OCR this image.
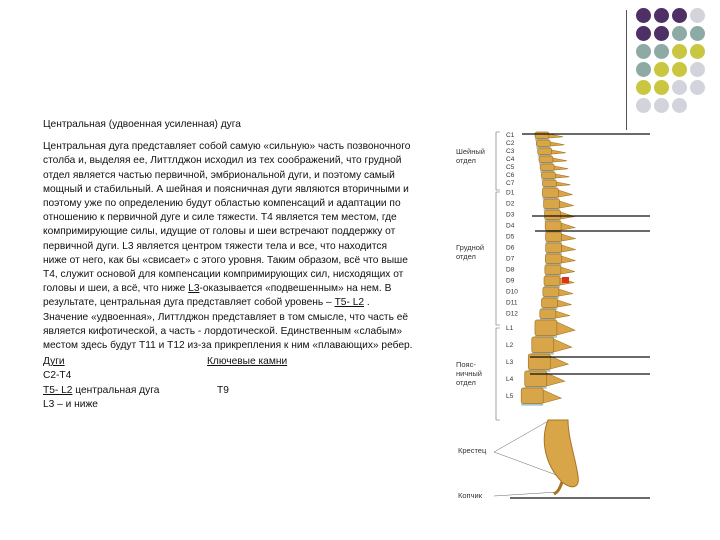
Центральная (удвоенная усиленная) дуга

Центральная дуга представляет собой самую «сильную» часть позвоночного столба и, выделяя ее, Литтлджон исходил из тех соображений, что грудной отдел является частью первичной, эмбриональной дуги, и поэтому самый мощный и стабильный. А шейная и поясничная дуги являются вторичными и поэтому уже по определению будут областью компенсаций и адаптации по отношению к первичной дуге и силе тяжести. Т4 является тем местом, где компримирующие силы, идущие от головы и шеи встречают поддержку от первичной дуги. L3 является центром тяжести тела и все, что находится ниже от него, как бы «свисает» с этого уровня. Таким образом, всё что выше Т4, служит основой для компенсации компримирующих сил, нисходящих от головы и шеи, а всё, что ниже L3-оказывается «подвешенным» на нем. В результате, центральная дуга представляет собой уровень – Т5- L2 . Значение «удвоенная», Литтлджон представляет в том смысле, что часть её является кифотической, а часть - лордотической. Единственным «слабым» местом здесь будут Т11 и Т12 из-за прикрепления к ним «плавающих» ребер.

Дуги	Ключевые камни
С2-Т4
Т5- L2 центральная дуга	Т9
L3 – и ниже
Шейный
отдел
Грудной
отдел
Пояс-
ничный
отдел
Крестец
Копчик
C1
C2
C3
C4
C5
C6
C7
D1
D2
D3
D4
D5
D6
D7
D8
D9
D10
D11
D12
L1
L2
L3
L4
L5
